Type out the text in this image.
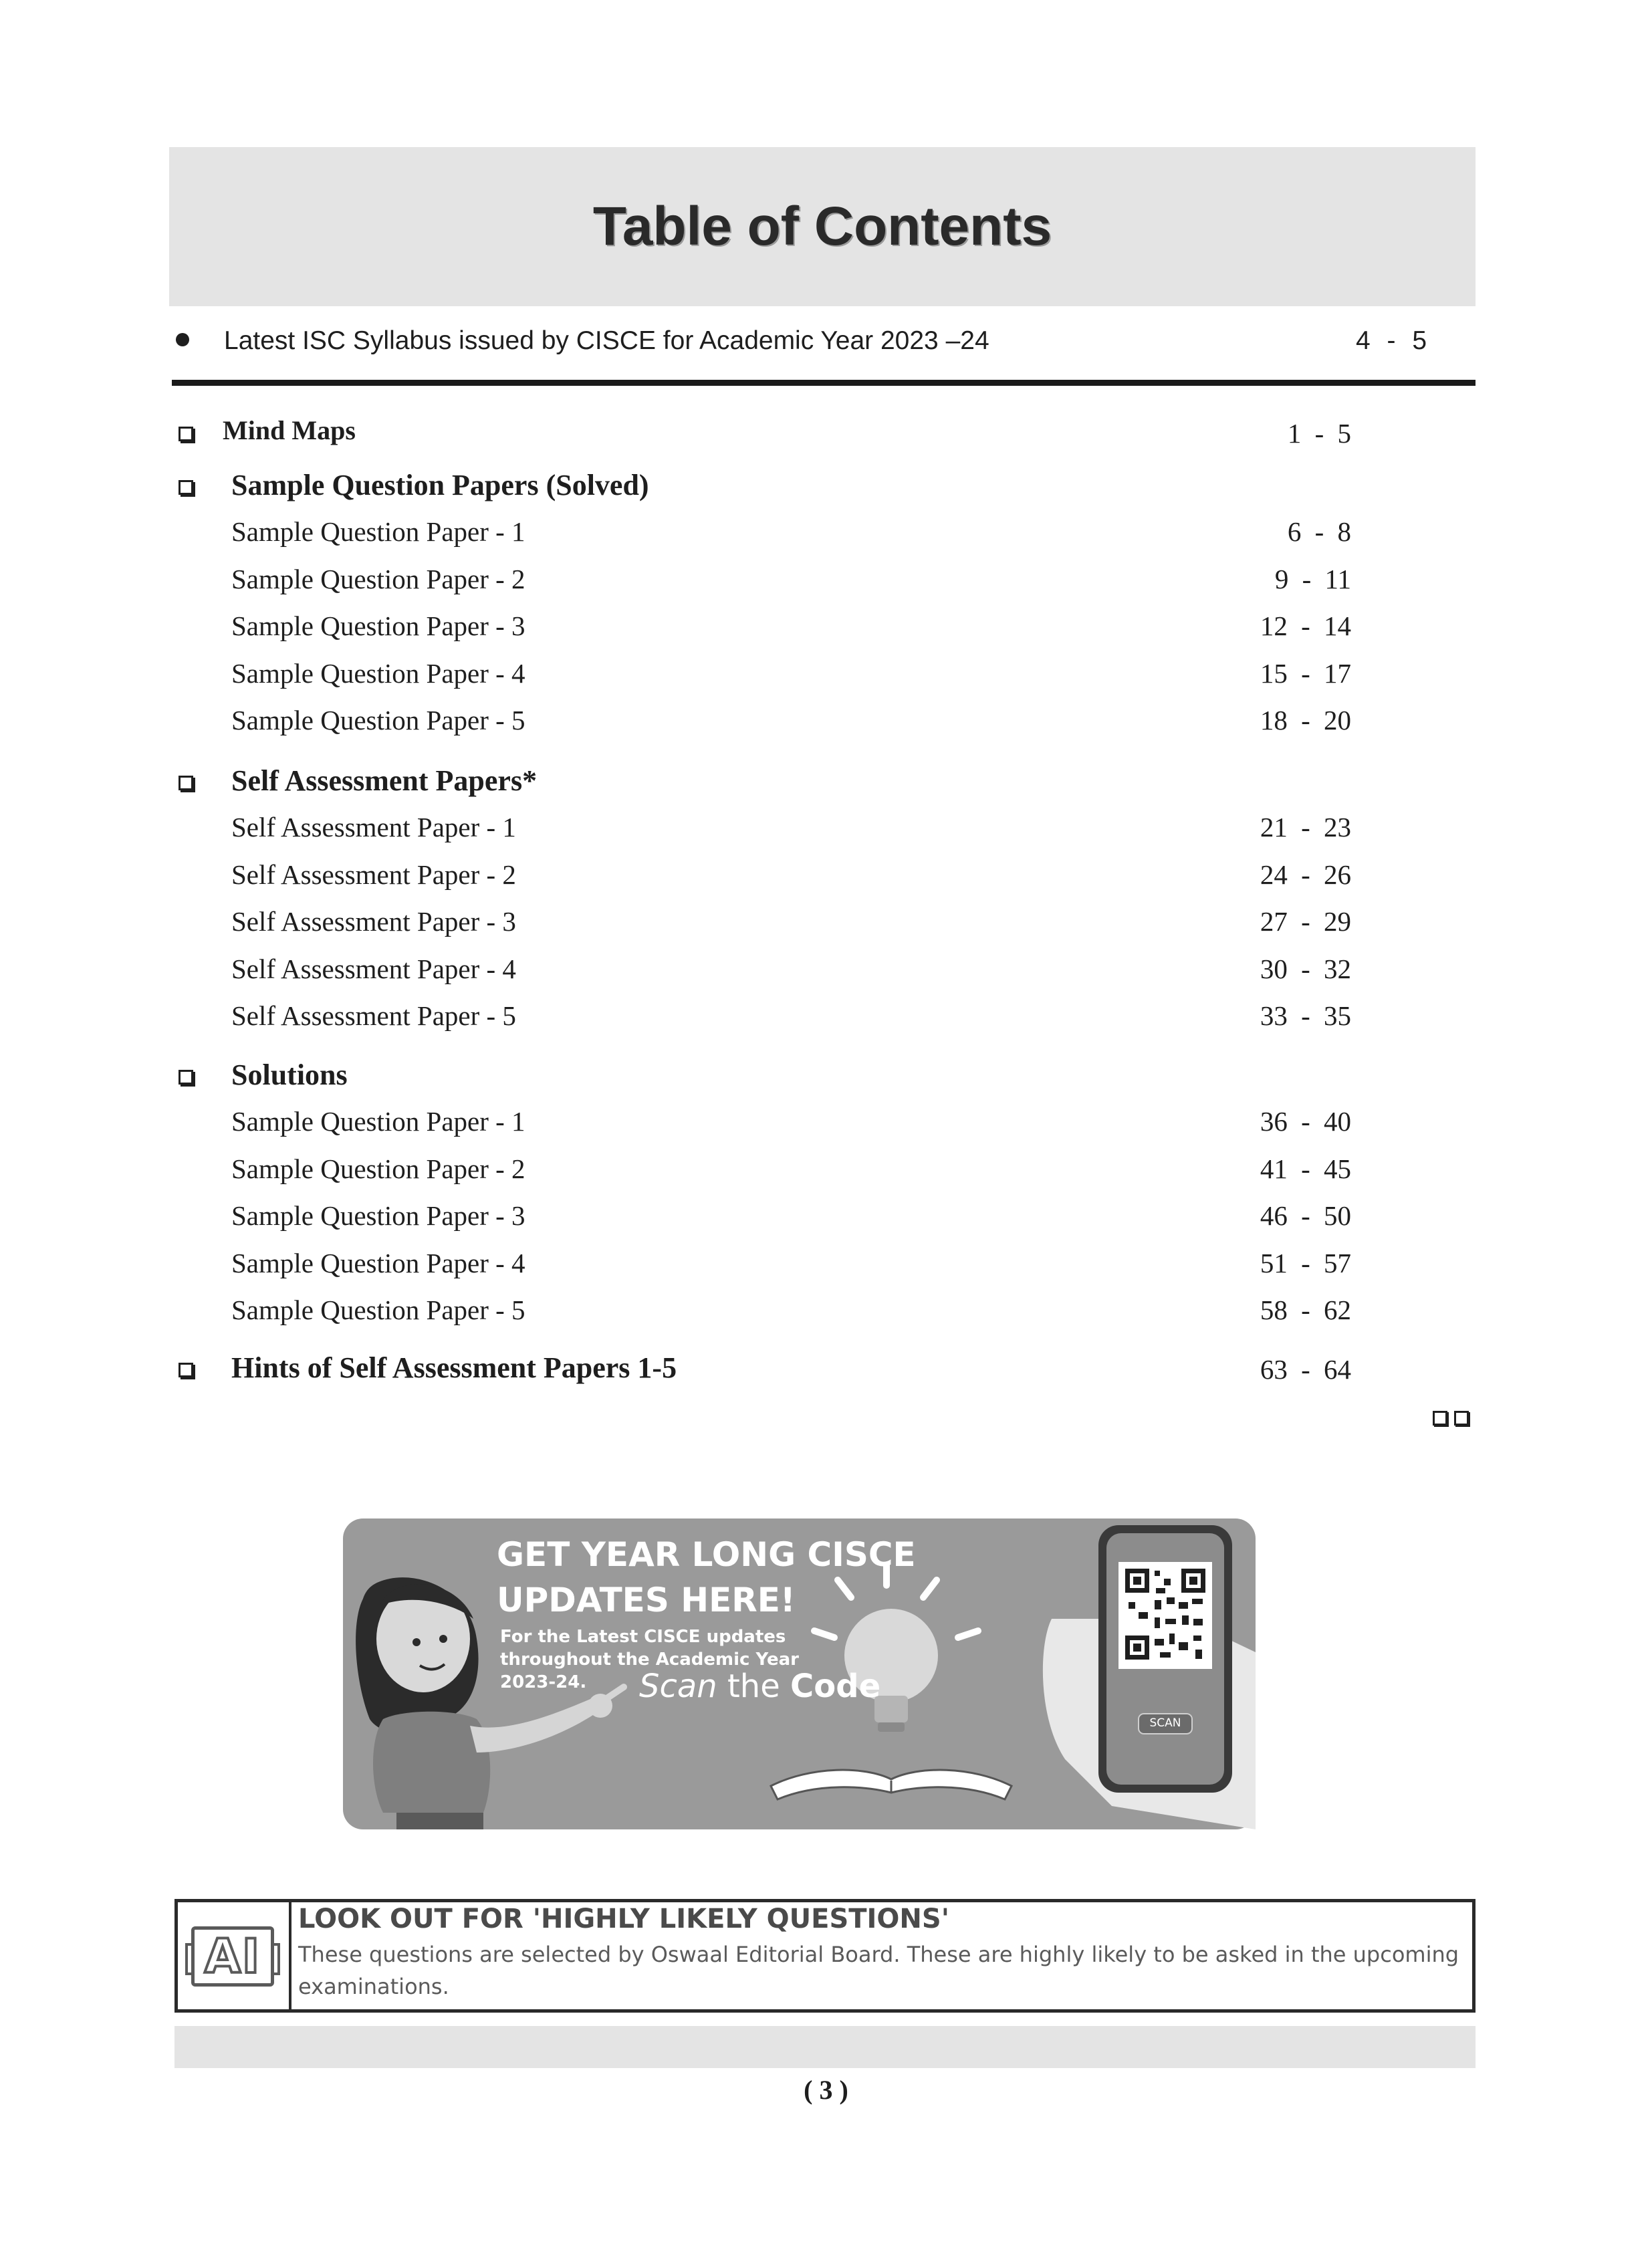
Table of Contents
Latest ISC Syllabus issued by CISCE for Academic Year 2023 –24	4 - 5
Mind Maps	1 - 5
Sample Question Papers (Solved)
Sample Question Paper - 1	6 - 8
Sample Question Paper - 2	9 - 11
Sample Question Paper - 3	12 - 14
Sample Question Paper - 4	15 - 17
Sample Question Paper - 5	18 - 20
Self Assessment Papers*
Self Assessment Paper - 1	21 - 23
Self Assessment Paper - 2	24 - 26
Self Assessment Paper - 3	27 - 29
Self Assessment Paper - 4	30 - 32
Self Assessment Paper - 5	33 - 35
Solutions
Sample Question Paper - 1	36 - 40
Sample Question Paper - 2	41 - 45
Sample Question Paper - 3	46 - 50
Sample Question Paper - 4	51 - 57
Sample Question Paper - 5	58 - 62
Hints of Self Assessment Papers 1-5	63 - 64
GET YEAR LONG CISCE
UPDATES HERE!
For the Latest CISCE updates
throughout the Academic Year
2023-24.	Scan the Code
SCAN
AI
LOOK OUT FOR 'HIGHLY LIKELY QUESTIONS'
These questions are selected by Oswaal Editorial Board. These are highly likely to be asked in the upcoming examinations.
( 3 )
